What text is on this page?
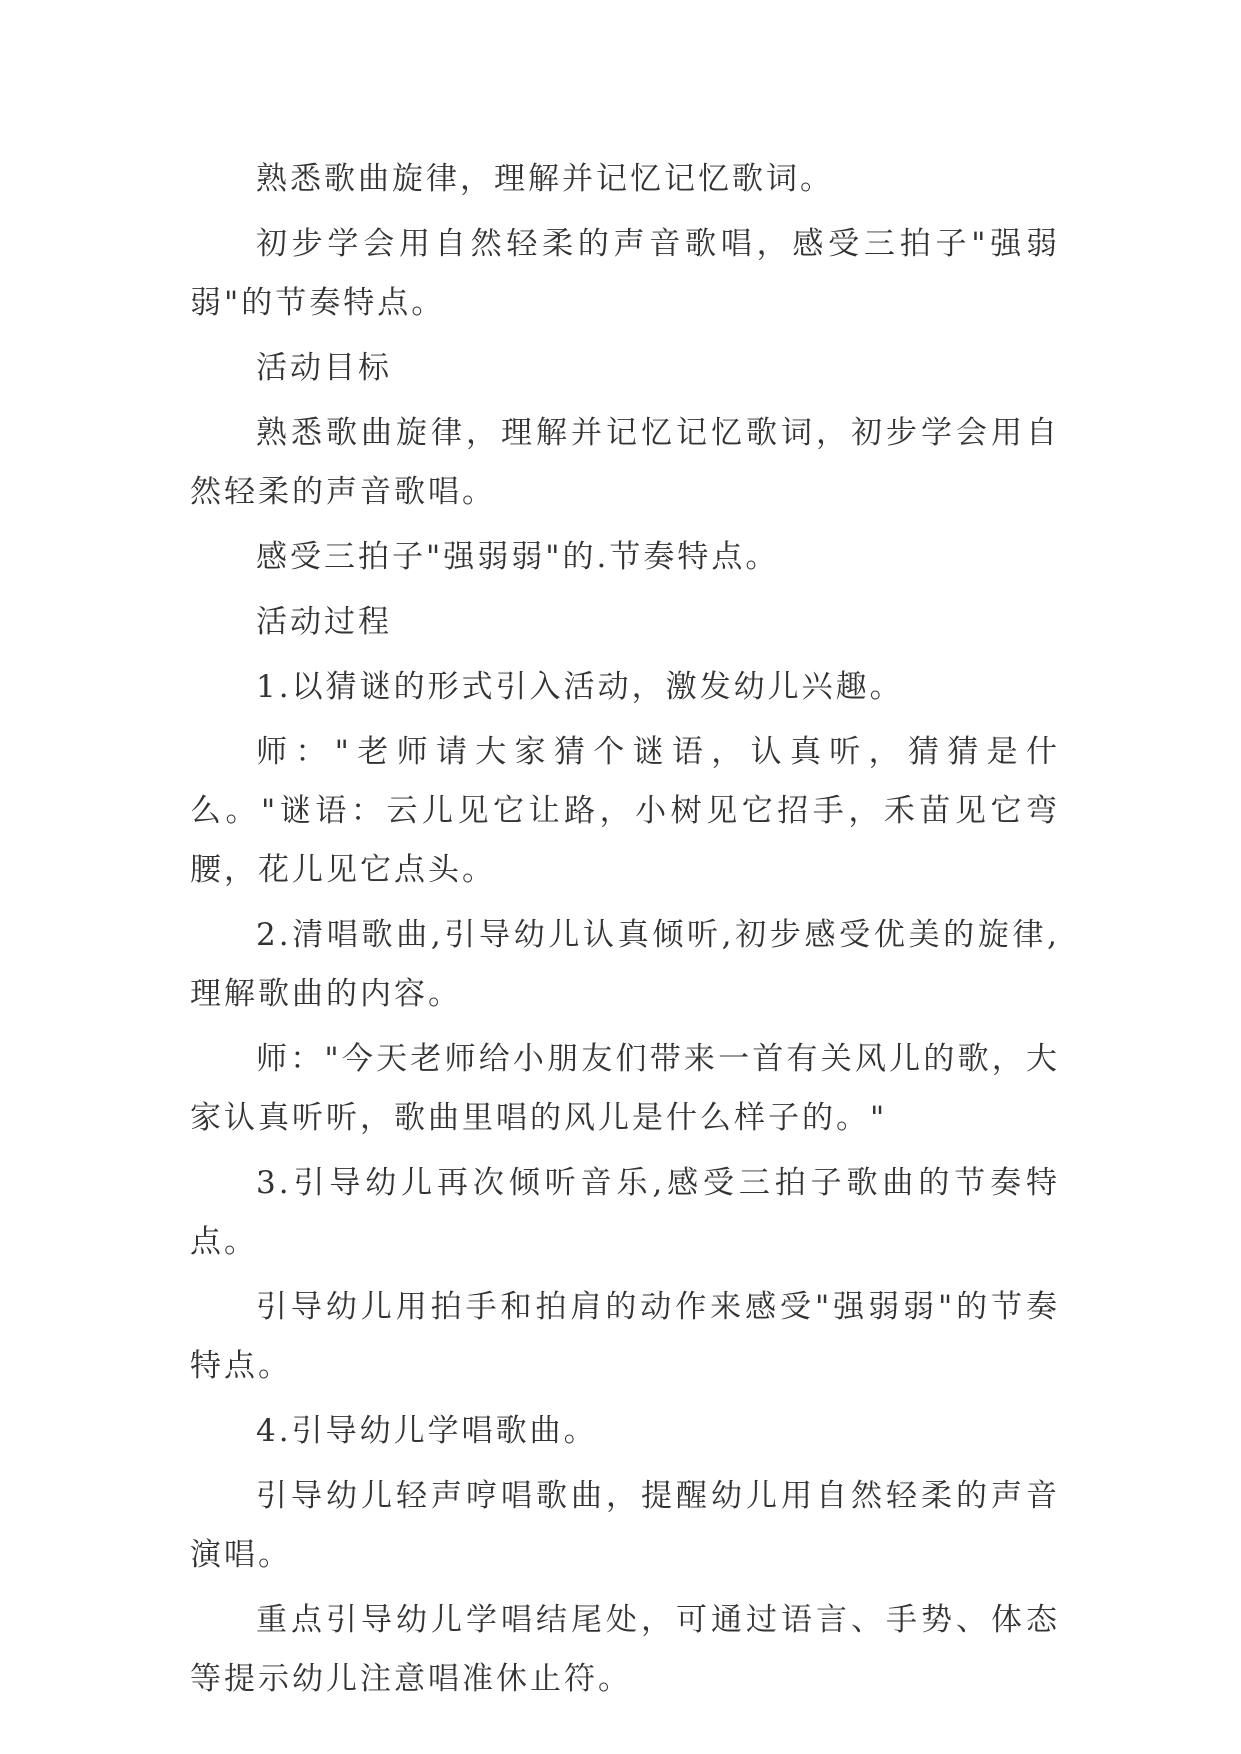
熟悉歌曲旋律，理解并记忆记忆歌词。

初步学会用自然轻柔的声音歌唱，感受三拍子"强弱弱"的节奏特点。

活动目标

熟悉歌曲旋律，理解并记忆记忆歌词，初步学会用自然轻柔的声音歌唱。

感受三拍子"强弱弱"的.节奏特点。

活动过程

1.以猜谜的形式引入活动，激发幼儿兴趣。

师："老师请大家猜个谜语，认真听，猜猜是什么。"谜语：云儿见它让路，小树见它招手，禾苗见它弯腰，花儿见它点头。

2.清唱歌曲,引导幼儿认真倾听,初步感受优美的旋律,理解歌曲的内容。

师："今天老师给小朋友们带来一首有关风儿的歌，大家认真听听，歌曲里唱的风儿是什么样子的。"

3.引导幼儿再次倾听音乐,感受三拍子歌曲的节奏特点。

引导幼儿用拍手和拍肩的动作来感受"强弱弱"的节奏特点。

4.引导幼儿学唱歌曲。

引导幼儿轻声哼唱歌曲，提醒幼儿用自然轻柔的声音演唱。

重点引导幼儿学唱结尾处，可通过语言、手势、体态等提示幼儿注意唱准休止符。
